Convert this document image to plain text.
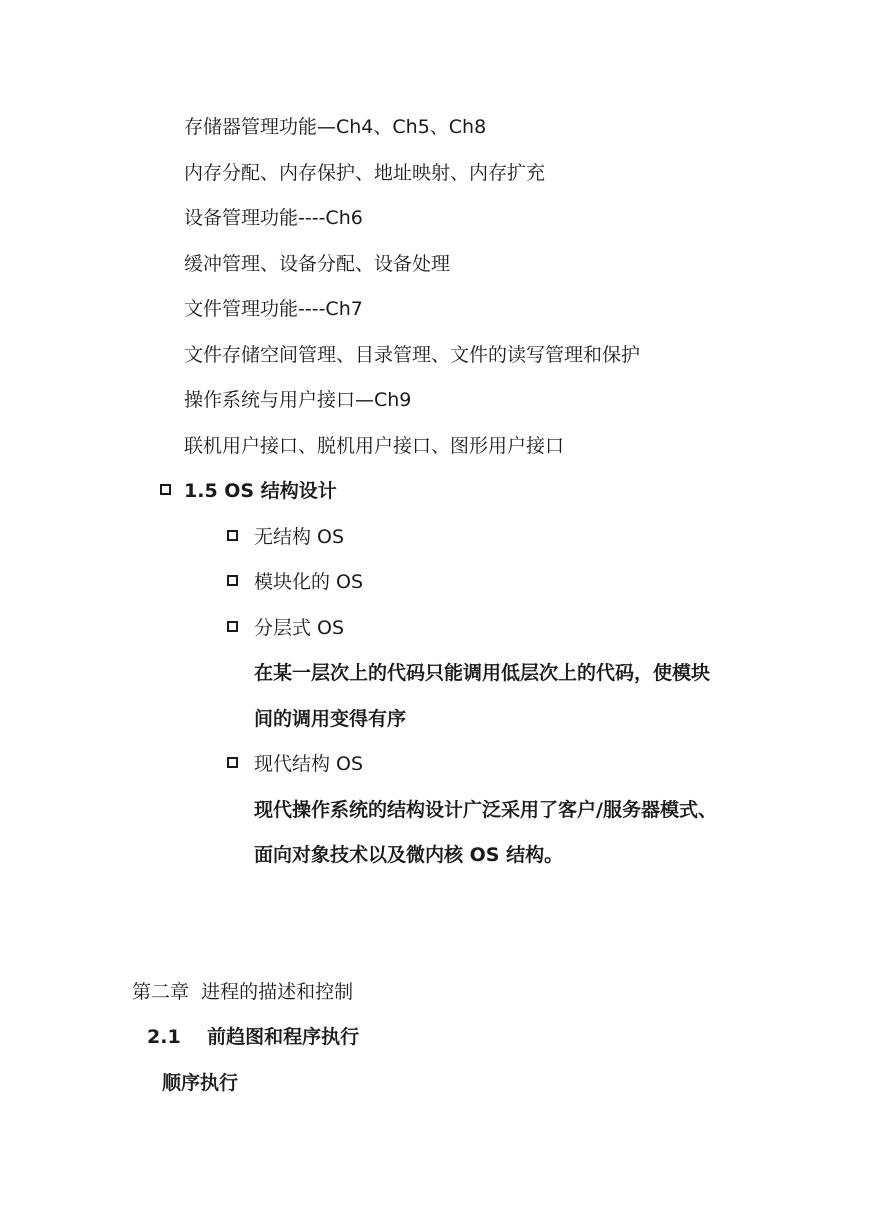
存储器管理功能—Ch4、Ch5、Ch8
内存分配、内存保护、地址映射、内存扩充
设备管理功能----Ch6
缓冲管理、设备分配、设备处理
文件管理功能----Ch7
文件存储空间管理、目录管理、文件的读写管理和保护
操作系统与用户接口—Ch9
联机用户接口、脱机用户接口、图形用户接口
1.5 OS 结构设计
无结构 OS
模块化的 OS
分层式 OS
在某一层次上的代码只能调用低层次上的代码，使模块
间的调用变得有序
现代结构 OS
现代操作系统的结构设计广泛采用了客户/服务器模式、
面向对象技术以及微内核 OS 结构。
第二章  进程的描述和控制
2.1    前趋图和程序执行
顺序执行
